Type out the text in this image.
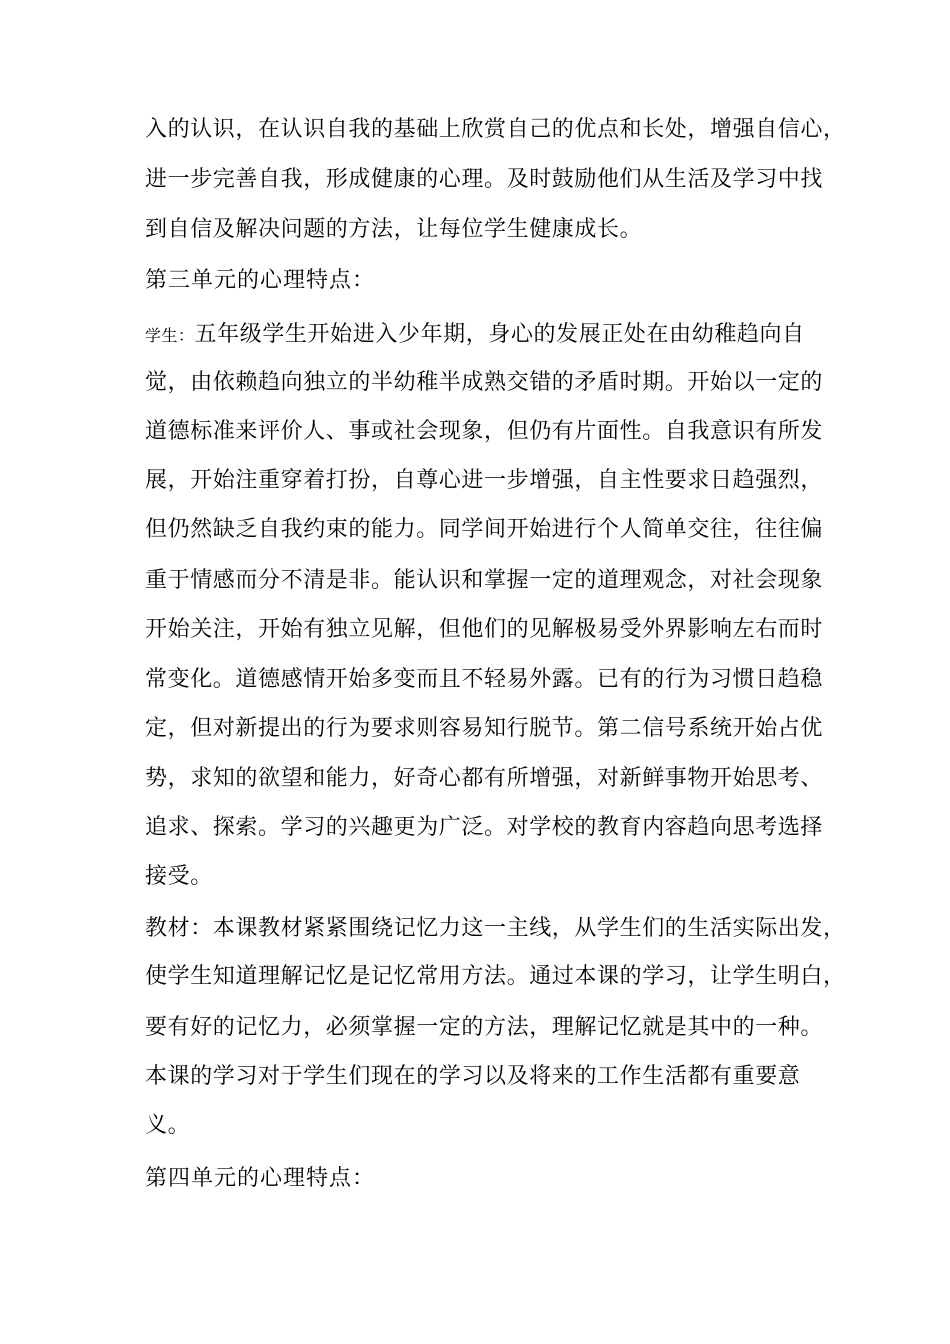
入的认识，在认识自我的基础上欣赏自己的优点和长处，增强自信心，
进一步完善自我，形成健康的心理。及时鼓励他们从生活及学习中找
到自信及解决问题的方法，让每位学生健康成长。
第三单元的心理特点：
学生：五年级学生开始进入少年期，身心的发展正处在由幼稚趋向自
觉，由依赖趋向独立的半幼稚半成熟交错的矛盾时期。开始以一定的
道德标准来评价人、事或社会现象，但仍有片面性。自我意识有所发
展，开始注重穿着打扮，自尊心进一步增强，自主性要求日趋强烈，
但仍然缺乏自我约束的能力。同学间开始进行个人简单交往，往往偏
重于情感而分不清是非。能认识和掌握一定的道理观念，对社会现象
开始关注，开始有独立见解，但他们的见解极易受外界影响左右而时
常变化。道德感情开始多变而且不轻易外露。已有的行为习惯日趋稳
定，但对新提出的行为要求则容易知行脱节。第二信号系统开始占优
势，求知的欲望和能力，好奇心都有所增强，对新鲜事物开始思考、
追求、探索。学习的兴趣更为广泛。对学校的教育内容趋向思考选择
接受。
教材：本课教材紧紧围绕记忆力这一主线，从学生们的生活实际出发，
使学生知道理解记忆是记忆常用方法。通过本课的学习，让学生明白，
要有好的记忆力，必须掌握一定的方法，理解记忆就是其中的一种。
本课的学习对于学生们现在的学习以及将来的工作生活都有重要意
义。
第四单元的心理特点：
